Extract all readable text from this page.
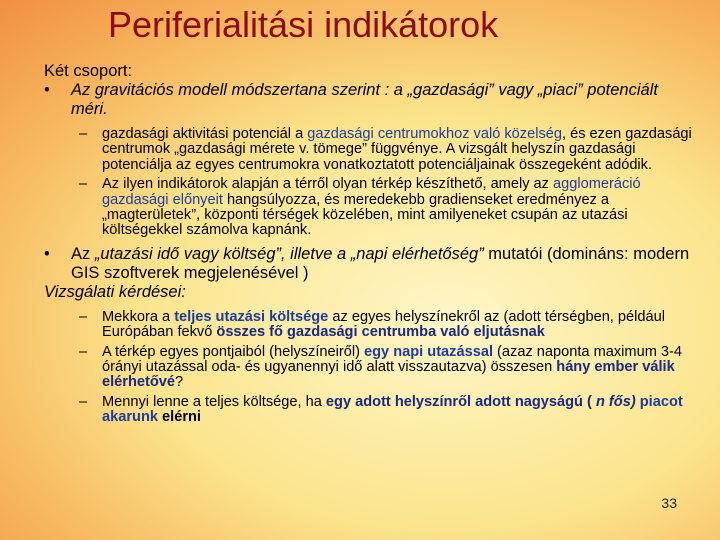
Periferialitási indikátorok

Két csoport:

• Az gravitációs modell módszertana szerint : a „gazdasági” vagy „piaci” potenciált méri.

– gazdasági aktivitási potenciál a gazdasági centrumokhoz való közelség, és ezen gazdasági centrumok „gazdasági mérete v. tömege” függvénye. A vizsgált helyszín gazdasági potenciálja az egyes centrumokra vonatkoztatott potenciáljainak összegeként adódik.

– Az ilyen indikátorok alapján a térről olyan térkép készíthető, amely az agglomeráció gazdasági előnyeit hangsúlyozza, és meredekebb gradienseket eredményez a „magterületek”, központi térségek közelében, mint amilyeneket csupán az utazási költségekkel számolva kapnánk.

• Az „utazási idő vagy költség”, illetve a „napi elérhetőség” mutatói (domináns: modern GIS szoftverek megjelenésével )

Vizsgálati kérdései:

– Mekkora a teljes utazási költsége az egyes helyszínekről az (adott térségben, például Európában fekvő összes fő gazdasági centrumba való eljutásnak

– A térkép egyes pontjaiból (helyszíneiről) egy napi utazással (azaz naponta maximum 3-4 órányi utazással oda- és ugyanennyi idő alatt visszautazva) összesen hány ember válik elérhetővé?

– Mennyi lenne a teljes költsége, ha egy adott helyszínről adott nagyságú ( n fős) piacot akarunk elérni

33
